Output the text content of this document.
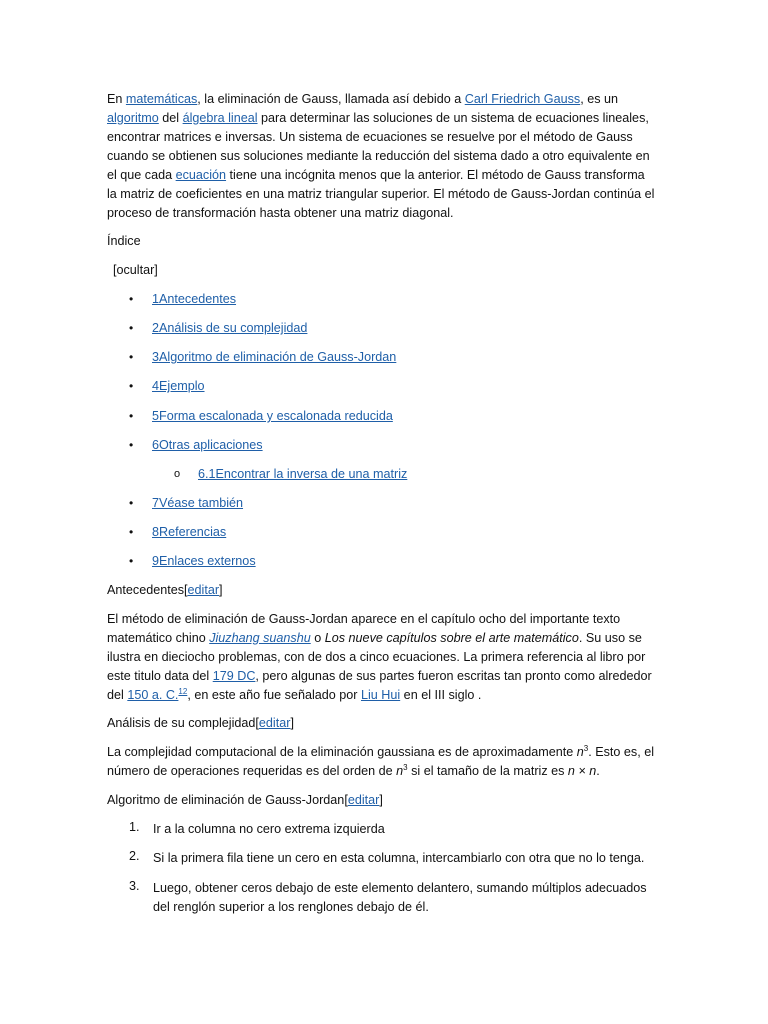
En matemáticas, la eliminación de Gauss, llamada así debido a Carl Friedrich Gauss, es un algoritmo del álgebra lineal para determinar las soluciones de un sistema de ecuaciones lineales, encontrar matrices e inversas. Un sistema de ecuaciones se resuelve por el método de Gauss cuando se obtienen sus soluciones mediante la reducción del sistema dado a otro equivalente en el que cada ecuación tiene una incógnita menos que la anterior. El método de Gauss transforma la matriz de coeficientes en una matriz triangular superior. El método de Gauss-Jordan continúa el proceso de transformación hasta obtener una matriz diagonal.

Índice

[ocultar]

• 1Antecedentes
• 2Análisis de su complejidad
• 3Algoritmo de eliminación de Gauss-Jordan
• 4Ejemplo
• 5Forma escalonada y escalonada reducida
• 6Otras aplicaciones
o 6.1Encontrar la inversa de una matriz
• 7Véase también
• 8Referencias
• 9Enlaces externos

Antecedentes[editar]

El método de eliminación de Gauss-Jordan aparece en el capítulo ocho del importante texto matemático chino Jiuzhang suanshu o Los nueve capítulos sobre el arte matemático. Su uso se ilustra en dieciocho problemas, con de dos a cinco ecuaciones. La primera referencia al libro por este titulo data del 179 DC, pero algunas de sus partes fueron escritas tan pronto como alrededor del 150 a. C.$^{12}$, en este año fue señalado por Liu Hui en el III siglo .

Análisis de su complejidad[editar]

La complejidad computacional de la eliminación gaussiana es de aproximadamente $n^3$. Esto es, el número de operaciones requeridas es del orden de $n^3$ si el tamaño de la matriz es n × n.

Algoritmo de eliminación de Gauss-Jordan[editar]

1. Ir a la columna no cero extrema izquierda
2. Si la primera fila tiene un cero en esta columna, intercambiarlo con otra que no lo tenga.
3. Luego, obtener ceros debajo de este elemento delantero, sumando múltiplos adecuados del renglón superior a los renglones debajo de él.
